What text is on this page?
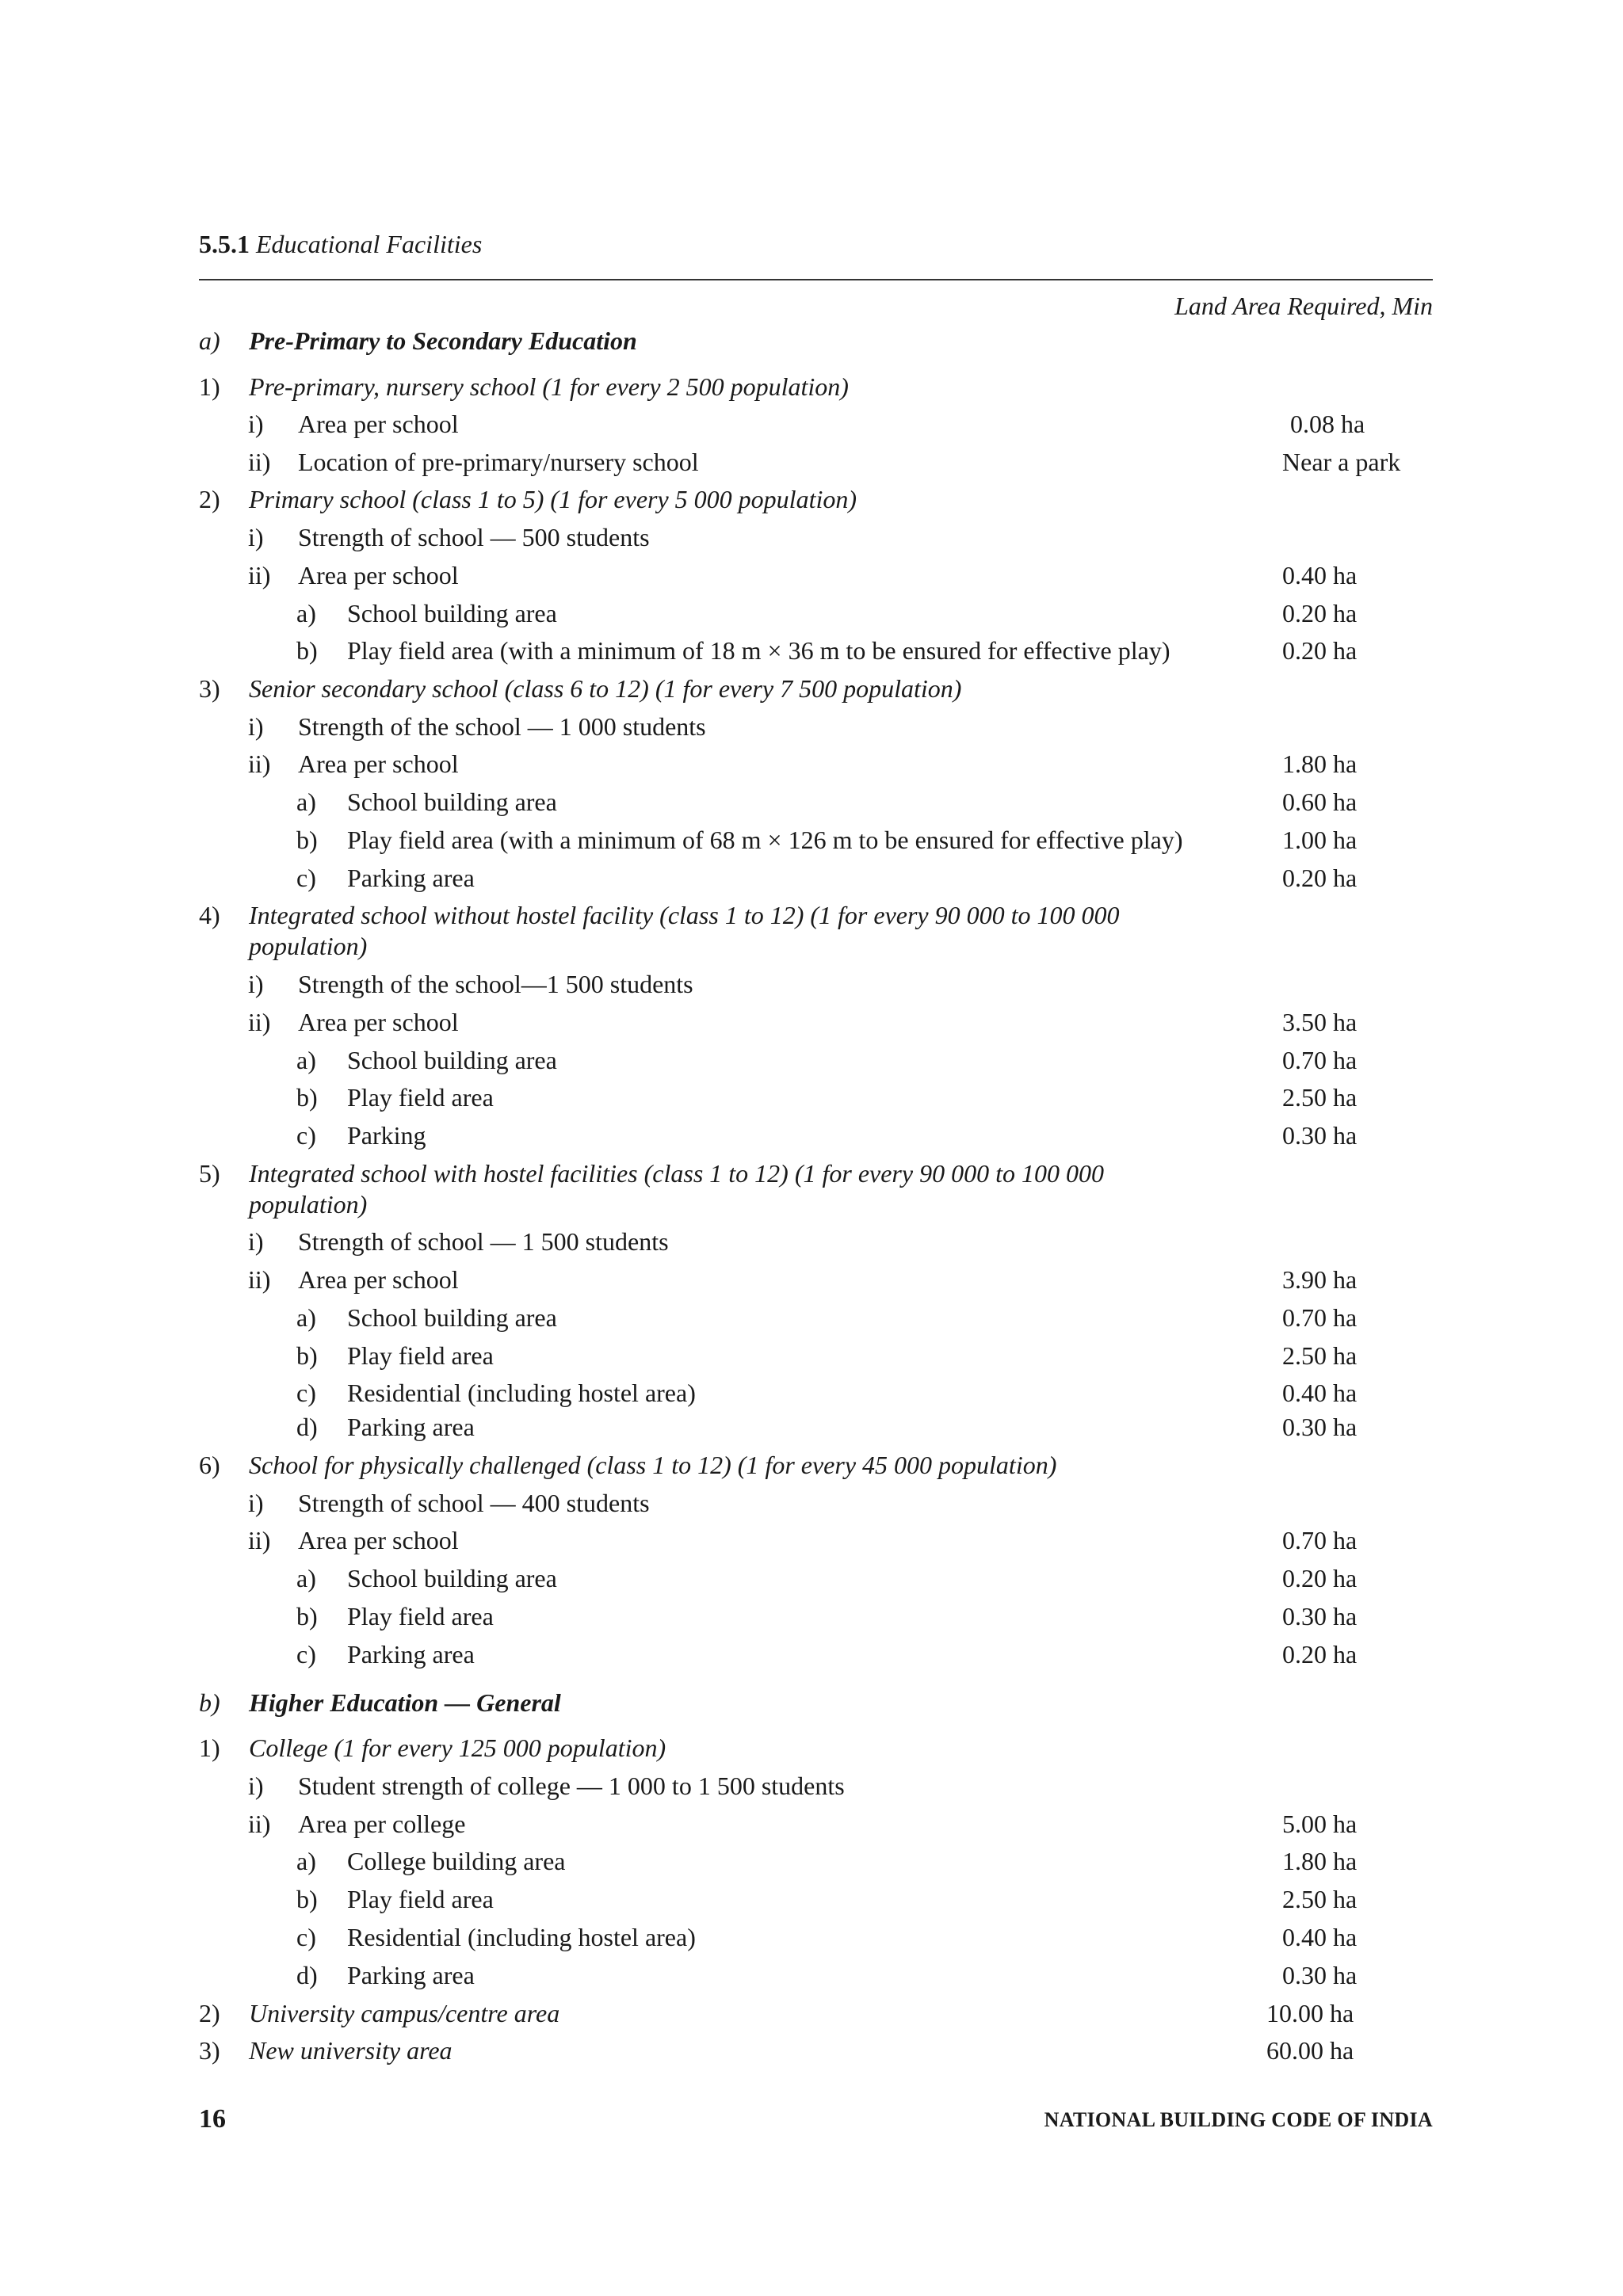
5.5.1 Educational Facilities
Land Area Required, Min
a) Pre-Primary to Secondary Education
1) Pre-primary, nursery school (1 for every 2 500 population)
i) Area per school	0.08 ha
ii) Location of pre-primary/nursery school	Near a park
2) Primary school (class 1 to 5) (1 for every 5 000 population)
i) Strength of school — 500 students
ii) Area per school	0.40 ha
a) School building area	0.20 ha
b) Play field area (with a minimum of 18 m × 36 m to be ensured for effective play)	0.20 ha
3) Senior secondary school (class 6 to 12) (1 for every 7 500 population)
i) Strength of the school — 1 000 students
ii) Area per school	1.80 ha
a) School building area	0.60 ha
b) Play field area (with a minimum of 68 m × 126 m to be ensured for effective play)	1.00 ha
c) Parking area	0.20 ha
4) Integrated school without hostel facility (class 1 to 12) (1 for every 90 000 to 100 000
population)
i) Strength of the school—1 500 students
ii) Area per school	3.50 ha
a) School building area	0.70 ha
b) Play field area	2.50 ha
c) Parking	0.30 ha
5) Integrated school with hostel facilities (class 1 to 12) (1 for every 90 000 to 100 000
population)
i) Strength of school — 1 500 students
ii) Area per school	3.90 ha
a) School building area	0.70 ha
b) Play field area	2.50 ha
c) Residential (including hostel area)	0.40 ha
d) Parking area	0.30 ha
6) School for physically challenged (class 1 to 12) (1 for every 45 000 population)
i) Strength of school — 400 students
ii) Area per school	0.70 ha
a) School building area	0.20 ha
b) Play field area	0.30 ha
c) Parking area	0.20 ha
b) Higher Education — General
1) College (1 for every 125 000 population)
i) Student strength of college — 1 000 to 1 500 students
ii) Area per college	5.00 ha
a) College building area	1.80 ha
b) Play field area	2.50 ha
c) Residential (including hostel area)	0.40 ha
d) Parking area	0.30 ha
2) University campus/centre area	10.00 ha
3) New university area	60.00 ha
16	NATIONAL BUILDING CODE OF INDIA
